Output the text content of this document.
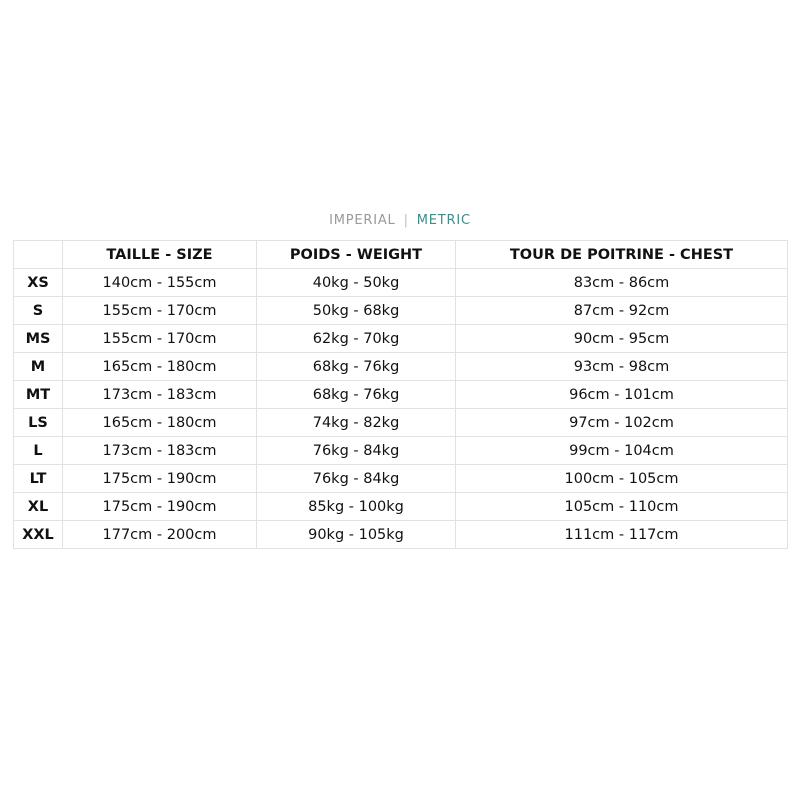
IMPERIAL | METRIC
	TAILLE - SIZE	POIDS - WEIGHT	TOUR DE POITRINE - CHEST
XS	140cm - 155cm	40kg - 50kg	83cm - 86cm
S	155cm - 170cm	50kg - 68kg	87cm - 92cm
MS	155cm - 170cm	62kg - 70kg	90cm - 95cm
M	165cm - 180cm	68kg - 76kg	93cm - 98cm
MT	173cm - 183cm	68kg - 76kg	96cm - 101cm
LS	165cm - 180cm	74kg - 82kg	97cm - 102cm
L	173cm - 183cm	76kg - 84kg	99cm - 104cm
LT	175cm - 190cm	76kg - 84kg	100cm - 105cm
XL	175cm - 190cm	85kg - 100kg	105cm - 110cm
XXL	177cm - 200cm	90kg - 105kg	111cm - 117cm
